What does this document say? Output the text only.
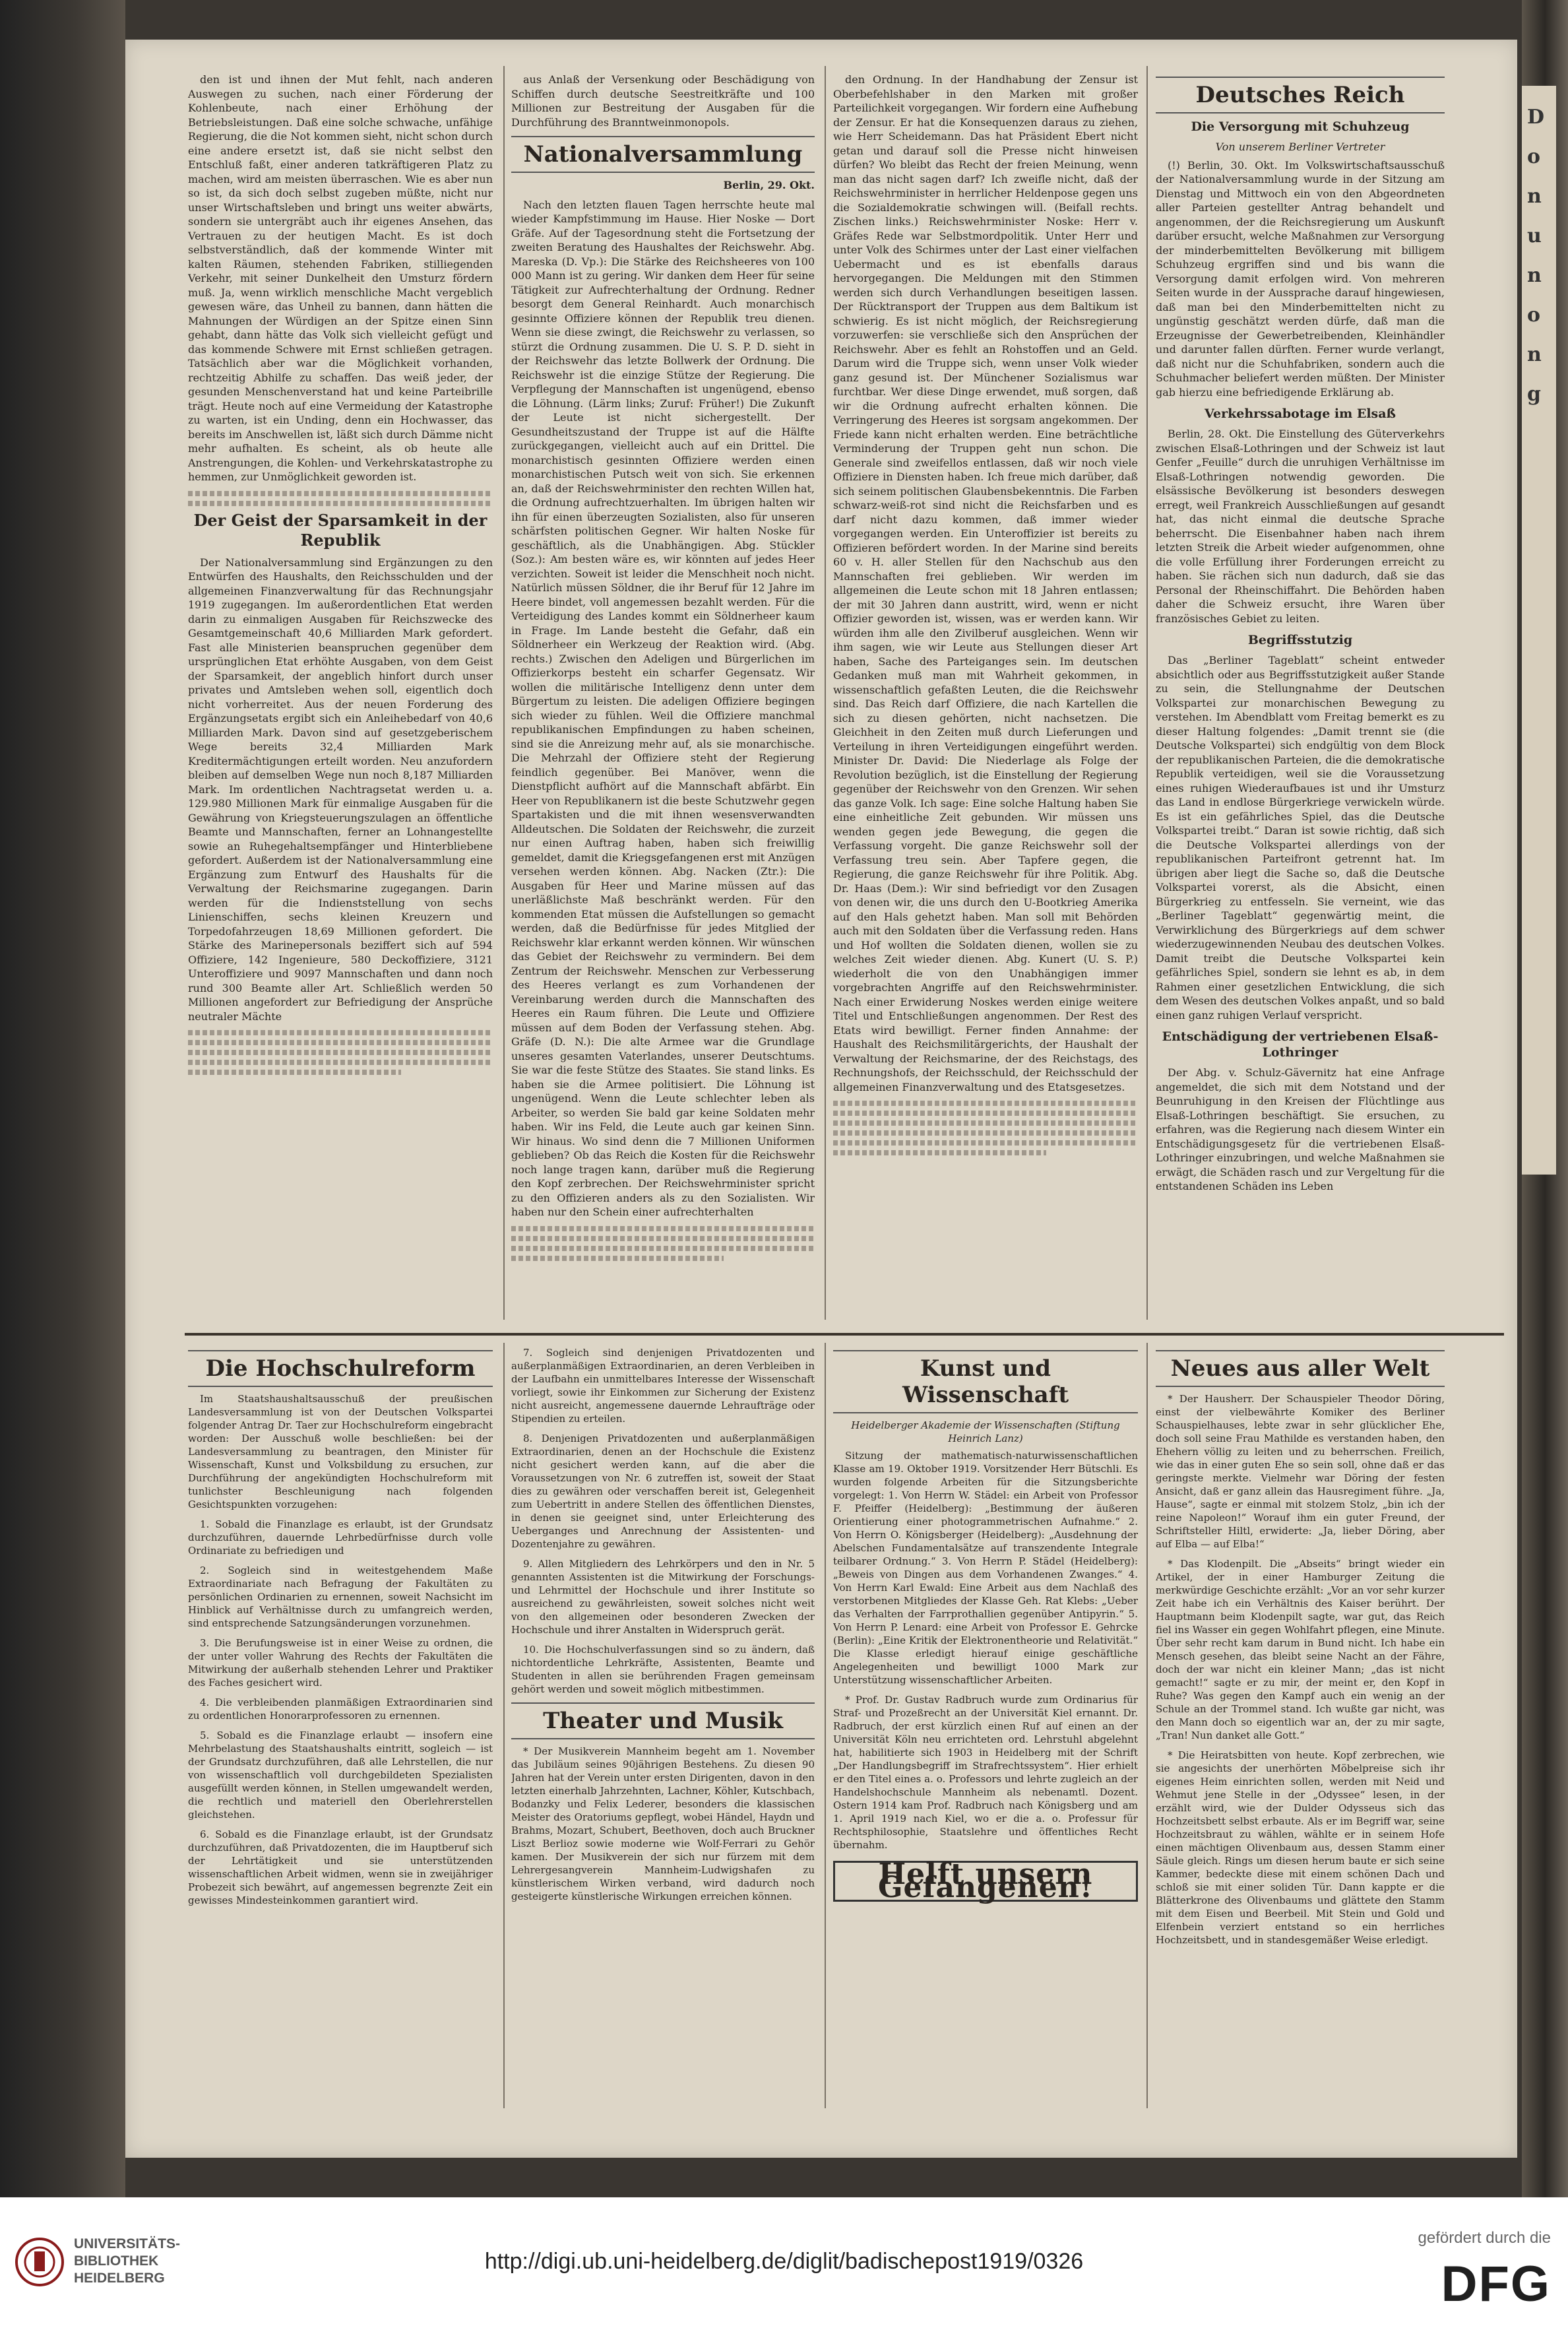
D
o
n
u
n
o
n
g

den ist und ihnen der Mut fehlt, nach anderen Auswegen zu suchen, nach einer Förderung der Kohlenbeute, nach einer Erhöhung der Betriebsleistungen. Daß eine solche schwache, unfähige Regierung, die die Not kommen sieht, nicht schon durch eine andere ersetzt ist, daß sie nicht selbst den Entschluß faßt, einer anderen tatkräftigeren Platz zu machen, wird am meisten überraschen. Wie es aber nun so ist, da sich doch selbst zugeben müßte, nicht nur unser Wirtschaftsleben und bringt uns weiter abwärts, sondern sie untergräbt auch ihr eigenes Ansehen, das Vertrauen zu der heutigen Macht. Es ist doch selbstverständlich, daß der kommende Winter mit kalten Räumen, stehenden Fabriken, stilliegenden Verkehr, mit seiner Dunkelheit den Umsturz fördern muß. Ja, wenn wirklich menschliche Macht vergeblich gewesen wäre, das Unheil zu bannen, dann hätten die Mahnungen der Würdigen an der Spitze einen Sinn gehabt, dann hätte das Volk sich vielleicht gefügt und das kommende Schwere mit Ernst schließen getragen. Tatsächlich aber war die Möglichkeit vorhanden, rechtzeitig Abhilfe zu schaffen. Das weiß jeder, der gesunden Menschenverstand hat und keine Parteibrille trägt. Heute noch auf eine Vermeidung der Katastrophe zu warten, ist ein Unding, denn ein Hochwasser, das bereits im Anschwellen ist, läßt sich durch Dämme nicht mehr aufhalten. Es scheint, als ob heute alle Anstrengungen, die Kohlen- und Verkehrskatastrophe zu hemmen, zur Unmöglichkeit geworden ist.

Der Geist der Sparsamkeit in der Republik

Der Nationalversammlung sind Ergänzungen zu den Entwürfen des Haushalts, den Reichsschulden und der allgemeinen Finanzverwaltung für das Rechnungsjahr 1919 zugegangen. Im außerordentlichen Etat werden darin zu einmaligen Ausgaben für Reichszwecke des Gesamtgemeinschaft 40,6 Milliarden Mark gefordert. Fast alle Ministerien beanspruchen gegenüber dem ursprünglichen Etat erhöhte Ausgaben, von dem Geist der Sparsamkeit, der angeblich hinfort durch unser privates und Amtsleben wehen soll, eigentlich doch nicht vorherreitet. Aus der neuen Forderung des Ergänzungsetats ergibt sich ein Anleihebedarf von 40,6 Milliarden Mark. Davon sind auf gesetzgeberischem Wege bereits 32,4 Milliarden Mark Kreditermächtigungen erteilt worden. Neu anzufordern bleiben auf demselben Wege nun noch 8,187 Milliarden Mark. Im ordentlichen Nachtragsetat werden u. a. 129.980 Millionen Mark für einmalige Ausgaben für die Gewährung von Kriegsteuerungszulagen an öffentliche Beamte und Mannschaften, ferner an Lohnangestellte sowie an Ruhegehaltsempfänger und Hinterbliebene gefordert. Außerdem ist der Nationalversammlung eine Ergänzung zum Entwurf des Haushalts für die Verwaltung der Reichsmarine zugegangen. Darin werden für die Indienststellung von sechs Linienschiffen, sechs kleinen Kreuzern und Torpedofahrzeugen 18,69 Millionen gefordert. Die Stärke des Marinepersonals beziffert sich auf 594 Offiziere, 142 Ingenieure, 580 Deckoffiziere, 3121 Unteroffiziere und 9097 Mannschaften und dann noch rund 300 Beamte aller Art. Schließlich werden 50 Millionen angefordert zur Befriedigung der Ansprüche neutraler Mächte

aus Anlaß der Versenkung oder Beschädigung von Schiffen durch deutsche Seestreitkräfte und 100 Millionen zur Bestreitung der Ausgaben für die Durchführung des Branntweinmonopols.

Nationalversammlung
Berlin, 29. Okt.

Nach den letzten flauen Tagen herrschte heute mal wieder Kampfstimmung im Hause. Hier Noske — Dort Gräfe. Auf der Tagesordnung steht die Fortsetzung der zweiten Beratung des Haushaltes der Reichswehr. Abg. Mareska (D. Vp.): Die Stärke des Reichsheeres von 100 000 Mann ist zu gering. Wir danken dem Heer für seine Tätigkeit zur Aufrechterhaltung der Ordnung. Redner besorgt dem General Reinhardt. Auch monarchisch gesinnte Offiziere können der Republik treu dienen. Wenn sie diese zwingt, die Reichswehr zu verlassen, so stürzt die Ordnung zusammen. Die U. S. P. D. sieht in der Reichswehr das letzte Bollwerk der Ordnung. Die Reichswehr ist die einzige Stütze der Regierung. Die Verpflegung der Mannschaften ist ungenügend, ebenso die Löhnung. (Lärm links; Zuruf: Früher!) Die Zukunft der Leute ist nicht sichergestellt. Der Gesundheitszustand der Truppe ist auf die Hälfte zurückgegangen, vielleicht auch auf ein Drittel. Die monarchistisch gesinnten Offiziere werden einen monarchistischen Putsch weit von sich. Sie erkennen an, daß der Reichswehrminister den rechten Willen hat, die Ordnung aufrechtzuerhalten. Im übrigen halten wir ihn für einen überzeugten Sozialisten, also für unseren schärfsten politischen Gegner. Wir halten Noske für geschäftlich, als die Unabhängigen. Abg. Stückler (Soz.): Am besten wäre es, wir könnten auf jedes Heer verzichten. Soweit ist leider die Menschheit noch nicht. Natürlich müssen Söldner, die ihr Beruf für 12 Jahre im Heere bindet, voll angemessen bezahlt werden. Für die Verteidigung des Landes kommt ein Söldnerheer kaum in Frage. Im Lande besteht die Gefahr, daß ein Söldnerheer ein Werkzeug der Reaktion wird. (Abg. rechts.) Zwischen den Adeligen und Bürgerlichen im Offizierkorps besteht ein scharfer Gegensatz. Wir wollen die militärische Intelligenz denn unter dem Bürgertum zu leisten. Die adeligen Offiziere begingen sich wieder zu fühlen. Weil die Offiziere manchmal republikanischen Empfindungen zu haben scheinen, sind sie die Anreizung mehr auf, als sie monarchische. Die Mehrzahl der Offiziere steht der Regierung feindlich gegenüber. Bei Manöver, wenn die Dienstpflicht aufhört auf die Mannschaft abfärbt. Ein Heer von Republikanern ist die beste Schutzwehr gegen Spartakisten und die mit ihnen wesensverwandten Alldeutschen. Die Soldaten der Reichswehr, die zurzeit nur einen Auftrag haben, haben sich freiwillig gemeldet, damit die Kriegsgefangenen erst mit Anzügen versehen werden können. Abg. Nacken (Ztr.): Die Ausgaben für Heer und Marine müssen auf das unerläßlichste Maß beschränkt werden. Für den kommenden Etat müssen die Aufstellungen so gemacht werden, daß die Bedürfnisse für jedes Mitglied der Reichswehr klar erkannt werden können. Wir wünschen das Gebiet der Reichswehr zu vermindern. Bei dem Zentrum der Reichswehr. Menschen zur Verbesserung des Heeres verlangt es zum Vorhandenen der Vereinbarung werden durch die Mannschaften des Heeres ein Raum führen. Die Leute und Offiziere müssen auf dem Boden der Verfassung stehen. Abg. Gräfe (D. N.): Die alte Armee war die Grundlage unseres gesamten Vaterlandes, unserer Deutschtums. Sie war die feste Stütze des Staates. Sie stand links. Es haben sie die Armee politisiert. Die Löhnung ist ungenügend. Wenn die Leute schlechter leben als Arbeiter, so werden Sie bald gar keine Soldaten mehr haben. Wir ins Feld, die Leute auch gar keinen Sinn. Wir hinaus. Wo sind denn die 7 Millionen Uniformen geblieben? Ob das Reich die Kosten für die Reichswehr noch lange tragen kann, darüber muß die Regierung den Kopf zerbrechen. Der Reichswehrminister spricht zu den Offizieren anders als zu den Sozialisten. Wir haben nur den Schein einer aufrechterhalten

den Ordnung. In der Handhabung der Zensur ist Oberbefehlshaber in den Marken mit großer Parteilichkeit vorgegangen. Wir fordern eine Aufhebung der Zensur. Er hat die Konsequenzen daraus zu ziehen, wie Herr Scheidemann. Das hat Präsident Ebert nicht getan und darauf soll die Presse nicht hinweisen dürfen? Wo bleibt das Recht der freien Meinung, wenn man das nicht sagen darf? Ich zweifle nicht, daß der Reichswehrminister in herrlicher Heldenpose gegen uns die Sozialdemokratie schwingen will. (Beifall rechts. Zischen links.) Reichswehrminister Noske: Herr v. Gräfes Rede war Selbstmordpolitik. Unter Herr und unter Volk des Schirmes unter der Last einer vielfachen Uebermacht und es ist ebenfalls daraus hervorgegangen. Die Meldungen mit den Stimmen werden sich durch Verhandlungen beseitigen lassen. Der Rücktransport der Truppen aus dem Baltikum ist schwierig. Es ist nicht möglich, der Reichsregierung vorzuwerfen: sie verschließe sich den Ansprüchen der Reichswehr. Aber es fehlt an Rohstoffen und an Geld. Darum wird die Truppe sich, wenn unser Volk wieder ganz gesund ist. Der Münchener Sozialismus war furchtbar. Wer diese Dinge erwendet, muß sorgen, daß wir die Ordnung aufrecht erhalten können. Die Verringerung des Heeres ist sorgsam angekommen. Der Friede kann nicht erhalten werden. Eine beträchtliche Verminderung der Truppen geht nun schon. Die Generale sind zweifellos entlassen, daß wir noch viele Offiziere in Diensten haben. Ich freue mich darüber, daß sich seinem politischen Glaubensbekenntnis. Die Farben schwarz-weiß-rot sind nicht die Reichsfarben und es darf nicht dazu kommen, daß immer wieder vorgegangen werden. Ein Unteroffizier ist bereits zu Offizieren befördert worden. In der Marine sind bereits 60 v. H. aller Stellen für den Nachschub aus den Mannschaften frei geblieben. Wir werden im allgemeinen die Leute schon mit 18 Jahren entlassen; der mit 30 Jahren dann austritt, wird, wenn er nicht Offizier geworden ist, wissen, was er werden kann. Wir würden ihm alle den Zivilberuf ausgleichen. Wenn wir ihm sagen, wie wir Leute aus Stellungen dieser Art haben, Sache des Parteiganges sein. Im deutschen Gedanken muß man mit Wahrheit gekommen, in wissenschaftlich gefaßten Leuten, die die Reichswehr sind. Das Reich darf Offiziere, die nach Kartellen die sich zu diesen gehörten, nicht nachsetzen. Die Gleichheit in den Zeiten muß durch Lieferungen und Verteilung in ihren Verteidigungen eingeführt werden. Minister Dr. David: Die Niederlage als Folge der Revolution bezüglich, ist die Einstellung der Regierung gegenüber der Reichswehr von den Grenzen. Wir sehen das ganze Volk. Ich sage: Eine solche Haltung haben Sie eine einheitliche Zeit gebunden. Wir müssen uns wenden gegen jede Bewegung, die gegen die Verfassung vorgeht. Die ganze Reichswehr soll der Verfassung treu sein. Aber Tapfere gegen, die Regierung, die ganze Reichswehr für ihre Politik. Abg. Dr. Haas (Dem.): Wir sind befriedigt vor den Zusagen von denen wir, die uns durch den U-Bootkrieg Amerika auf den Hals gehetzt haben. Man soll mit Behörden auch mit den Soldaten über die Verfassung reden. Hans und Hof wollten die Soldaten dienen, wollen sie zu welches Zeit wieder dienen. Abg. Kunert (U. S. P.) wiederholt die von den Unabhängigen immer vorgebrachten Angriffe auf den Reichswehrminister. Nach einer Erwiderung Noskes werden einige weitere Titel und Entschließungen angenommen. Der Rest des Etats wird bewilligt. Ferner finden Annahme: der Haushalt des Reichsmilitärgerichts, der Haushalt der Verwaltung der Reichsmarine, der des Reichstags, des Rechnungshofs, der Reichsschuld, der Reichsschuld der allgemeinen Finanzverwaltung und des Etatsgesetzes.

Deutsches Reich
Die Versorgung mit Schuhzeug
Von unserem Berliner Vertreter

(!) Berlin, 30. Okt. Im Volkswirtschaftsausschuß der Nationalversammlung wurde in der Sitzung am Dienstag und Mittwoch ein von den Abgeordneten aller Parteien gestellter Antrag behandelt und angenommen, der die Reichsregierung um Auskunft darüber ersucht, welche Maßnahmen zur Versorgung der minderbemittelten Bevölkerung mit billigem Schuhzeug ergriffen sind und bis wann die Versorgung damit erfolgen wird. Von mehreren Seiten wurde in der Aussprache darauf hingewiesen, daß man bei den Minderbemittelten nicht zu ungünstig geschätzt werden dürfe, daß man die Erzeugnisse der Gewerbetreibenden, Kleinhändler und darunter fallen dürften. Ferner wurde verlangt, daß nicht nur die Schuhfabriken, sondern auch die Schuhmacher beliefert werden müßten. Der Minister gab hierzu eine befriedigende Erklärung ab.

Verkehrssabotage im Elsaß

Berlin, 28. Okt. Die Einstellung des Güterverkehrs zwischen Elsaß-Lothringen und der Schweiz ist laut Genfer „Feuille“ durch die unruhigen Verhältnisse im Elsaß-Lothringen notwendig geworden. Die elsässische Bevölkerung ist besonders deswegen erregt, weil Frankreich Ausschließungen auf gesandt hat, das nicht einmal die deutsche Sprache beherrscht. Die Eisenbahner haben nach ihrem letzten Streik die Arbeit wieder aufgenommen, ohne die volle Erfüllung ihrer Forderungen erreicht zu haben. Sie rächen sich nun dadurch, daß sie das Personal der Rheinschiffahrt. Die Behörden haben daher die Schweiz ersucht, ihre Waren über französisches Gebiet zu leiten.

Begriffsstutzig

Das „Berliner Tageblatt“ scheint entweder absichtlich oder aus Begriffsstutzigkeit außer Stande zu sein, die Stellungnahme der Deutschen Volkspartei zur monarchischen Bewegung zu verstehen. Im Abendblatt vom Freitag bemerkt es zu dieser Haltung folgendes: „Damit trennt sie (die Deutsche Volkspartei) sich endgültig von dem Block der republikanischen Parteien, die die demokratische Republik verteidigen, weil sie die Voraussetzung eines ruhigen Wiederaufbaues ist und ihr Umsturz das Land in endlose Bürgerkriege verwickeln würde. Es ist ein gefährliches Spiel, das die Deutsche Volkspartei treibt.“ Daran ist sowie richtig, daß sich die Deutsche Volkspartei allerdings von der republikanischen Parteifront getrennt hat. Im übrigen aber liegt die Sache so, daß die Deutsche Volkspartei vorerst, als die Absicht, einen Bürgerkrieg zu entfesseln. Sie verneint, wie das „Berliner Tageblatt“ gegenwärtig meint, die Verwirklichung des Bürgerkriegs auf dem schwer wiederzugewinnenden Neubau des deutschen Volkes. Damit treibt die Deutsche Volkspartei kein gefährliches Spiel, sondern sie lehnt es ab, in dem Rahmen einer gesetzlichen Entwicklung, die sich dem Wesen des deutschen Volkes anpaßt, und so bald einen ganz ruhigen Verlauf verspricht.

Entschädigung der vertriebenen Elsaß-Lothringer

Der Abg. v. Schulz-Gävernitz hat eine Anfrage angemeldet, die sich mit dem Notstand und der Beunruhigung in den Kreisen der Flüchtlinge aus Elsaß-Lothringen beschäftigt. Sie ersuchen, zu erfahren, was die Regierung nach diesem Winter ein Entschädigungsgesetz für die vertriebenen Elsaß-Lothringer einzubringen, und welche Maßnahmen sie erwägt, die Schäden rasch und zur Vergeltung für die entstandenen Schäden ins Leben

Die Hochschulreform

Im Staatshaushaltsausschuß der preußischen Landesversammlung ist von der Deutschen Volkspartei folgender Antrag Dr. Taer zur Hochschulreform eingebracht worden: Der Ausschuß wolle beschließen: bei der Landesversammlung zu beantragen, den Minister für Wissenschaft, Kunst und Volksbildung zu ersuchen, zur Durchführung der angekündigten Hochschulreform mit tunlichster Beschleunigung nach folgenden Gesichtspunkten vorzugehen:

1. Sobald die Finanzlage es erlaubt, ist der Grundsatz durchzuführen, dauernde Lehrbedürfnisse durch volle Ordinariate zu befriedigen und

2. Sogleich sind in weitestgehendem Maße Extraordinariate nach Befragung der Fakultäten zu persönlichen Ordinarien zu ernennen, soweit Nachsicht im Hinblick auf Verhältnisse durch zu umfangreich werden, sind entsprechende Satzungsänderungen vorzunehmen.

3. Die Berufungsweise ist in einer Weise zu ordnen, die der unter voller Wahrung des Rechts der Fakultäten die Mitwirkung der außerhalb stehenden Lehrer und Praktiker des Faches gesichert wird.

4. Die verbleibenden planmäßigen Extraordinarien sind zu ordentlichen Honorarprofessoren zu ernennen.

5. Sobald es die Finanzlage erlaubt — insofern eine Mehrbelastung des Staatshaushalts eintritt, sogleich — ist der Grundsatz durchzuführen, daß alle Lehrstellen, die nur von wissenschaftlich voll durchgebildeten Spezialisten ausgefüllt werden können, in Stellen umgewandelt werden, die rechtlich und materiell den Oberlehrerstellen gleichstehen.

6. Sobald es die Finanzlage erlaubt, ist der Grundsatz durchzuführen, daß Privatdozenten, die im Hauptberuf sich der Lehrtätigkeit und sie unterstützenden wissenschaftlichen Arbeit widmen, wenn sie in zweijähriger Probezeit sich bewährt, auf angemessen begrenzte Zeit ein gewisses Mindesteinkommen garantiert wird.

7. Sogleich sind denjenigen Privatdozenten und außerplanmäßigen Extraordinarien, an deren Verbleiben in der Laufbahn ein unmittelbares Interesse der Wissenschaft vorliegt, sowie ihr Einkommen zur Sicherung der Existenz nicht ausreicht, angemessene dauernde Lehraufträge oder Stipendien zu erteilen.

8. Denjenigen Privatdozenten und außerplanmäßigen Extraordinarien, denen an der Hochschule die Existenz nicht gesichert werden kann, auf die aber die Voraussetzungen von Nr. 6 zutreffen ist, soweit der Staat dies zu gewähren oder verschaffen bereit ist, Gelegenheit zum Uebertritt in andere Stellen des öffentlichen Dienstes, in denen sie geeignet sind, unter Erleichterung des Ueberganges und Anrechnung der Assistenten- und Dozentenjahre zu gewähren.

9. Allen Mitgliedern des Lehrkörpers und den in Nr. 5 genannten Assistenten ist die Mitwirkung der Forschungs- und Lehrmittel der Hochschule und ihrer Institute so ausreichend zu gewährleisten, soweit solches nicht weit von den allgemeinen oder besonderen Zwecken der Hochschule und ihrer Anstalten in Widerspruch gerät.

10. Die Hochschulverfassungen sind so zu ändern, daß nichtordentliche Lehrkräfte, Assistenten, Beamte und Studenten in allen sie berührenden Fragen gemeinsam gehört werden und soweit möglich mitbestimmen.

Theater und Musik

* Der Musikverein Mannheim begeht am 1. November das Jubiläum seines 90jährigen Bestehens. Zu diesen 90 Jahren hat der Verein unter ersten Dirigenten, davon in den letzten einerhalb Jahrzehnten, Lachner, Köhler, Kutschbach, Bodanzky und Felix Lederer, besonders die klassischen Meister des Oratoriums gepflegt, wobei Händel, Haydn und Brahms, Mozart, Schubert, Beethoven, doch auch Bruckner Liszt Berlioz sowie moderne wie Wolf-Ferrari zu Gehör kamen. Der Musikverein der sich nur fürzem mit dem Lehrergesangverein Mannheim-Ludwigshafen zu künstlerischem Wirken verband, wird dadurch noch gesteigerte künstlerische Wirkungen erreichen können.

Kunst und Wissenschaft
Heidelberger Akademie der Wissenschaften (Stiftung Heinrich Lanz)

Sitzung der mathematisch-naturwissenschaftlichen Klasse am 19. Oktober 1919. Vorsitzender Herr Bütschli. Es wurden folgende Arbeiten für die Sitzungsberichte vorgelegt: 1. Von Herrn W. Städel: ein Arbeit von Professor F. Pfeiffer (Heidelberg): „Bestimmung der äußeren Orientierung einer photogrammetrischen Aufnahme.“ 2. Von Herrn O. Königsberger (Heidelberg): „Ausdehnung der Abelschen Fundamentalsätze auf transzendente Integrale teilbarer Ordnung.“ 3. Von Herrn P. Städel (Heidelberg): „Beweis von Dingen aus dem Vorhandenen Zwanges.“ 4. Von Herrn Karl Ewald: Eine Arbeit aus dem Nachlaß des verstorbenen Mitgliedes der Klasse Geh. Rat Klebs: „Ueber das Verhalten der Farrprothallien gegenüber Antipyrin.“ 5. Von Herrn P. Lenard: eine Arbeit von Professor E. Gehrcke (Berlin): „Eine Kritik der Elektronentheorie und Relativität.“ Die Klasse erledigt hierauf einige geschäftliche Angelegenheiten und bewilligt 1000 Mark zur Unterstützung wissenschaftlicher Arbeiten.

* Prof. Dr. Gustav Radbruch wurde zum Ordinarius für Straf- und Prozeßrecht an der Universität Kiel ernannt. Dr. Radbruch, der erst kürzlich einen Ruf auf einen an der Universität Köln neu errichteten ord. Lehrstuhl abgelehnt hat, habilitierte sich 1903 in Heidelberg mit der Schrift „Der Handlungsbegriff im Strafrechtssystem“. Hier erhielt er den Titel eines a. o. Professors und lehrte zugleich an der Handelshochschule Mannheim als nebenamtl. Dozent. Ostern 1914 kam Prof. Radbruch nach Königsberg und am 1. April 1919 nach Kiel, wo er die a. o. Professur für Rechtsphilosophie, Staatslehre und öffentliches Recht übernahm.

Helft unsern Gefangenen!
Neues aus aller Welt

* Der Hausherr. Der Schauspieler Theodor Döring, einst der vielbewährte Komiker des Berliner Schauspielhauses, lebte zwar in sehr glücklicher Ehe, doch soll seine Frau Mathilde es verstanden haben, den Ehehern völlig zu leiten und zu beherrschen. Freilich, wie das in einer guten Ehe so sein soll, ohne daß er das geringste merkte. Vielmehr war Döring der festen Ansicht, daß er ganz allein das Hausregiment führe. „Ja, Hause“, sagte er einmal mit stolzem Stolz, „bin ich der reine Napoleon!“ Worauf ihm ein guter Freund, der Schriftsteller Hiltl, erwiderte: „Ja, lieber Döring, aber auf Elba — auf Elba!“

* Das Klodenpilt. Die „Abseits“ bringt wieder ein Artikel, der in einer Hamburger Zeitung die merkwürdige Geschichte erzählt: „Vor an vor sehr kurzer Zeit habe ich ein Verhältnis des Kaiser berührt. Der Hauptmann beim Klodenpilt sagte, war gut, das Reich fiel ins Wasser ein gegen Wohlfahrt pflegen, eine Minute. Über sehr recht kam darum in Bund nicht. Ich habe ein Mensch gesehen, das bleibt seine Nacht an der Fähre, doch der war nicht ein kleiner Mann; „das ist nicht gemacht!“ sagte er zu mir, der meint er, den Kopf in Ruhe? Was gegen den Kampf auch ein wenig an der Schule an der Trommel stand. Ich wußte gar nicht, was den Mann doch so eigentlich war an, der zu mir sagte, „Tran! Nun danket alle Gott.“

* Die Heiratsbitten von heute. Kopf zerbrechen, wie sie angesichts der unerhörten Möbelpreise sich ihr eigenes Heim einrichten sollen, werden mit Neid und Wehmut jene Stelle in der „Odyssee“ lesen, in der erzählt wird, wie der Dulder Odysseus sich das Hochzeitsbett selbst erbaute. Als er im Begriff war, seine Hochzeitsbraut zu wählen, wählte er in seinem Hofe einen mächtigen Olivenbaum aus, dessen Stamm einer Säule gleich. Rings um diesen herum baute er sich seine Kammer, bedeckte diese mit einem schönen Dach und schloß sie mit einer soliden Tür. Dann kappte er die Blätterkrone des Olivenbaums und glättete den Stamm mit dem Eisen und Beerbeil. Mit Stein und Gold und Elfenbein verziert entstand so ein herrliches Hochzeitsbett, und in standesgemäßer Weise erledigt.

UNIVERSITÄTS-
BIBLIOTHEK
HEIDELBERG
http://digi.ub.uni-heidelberg.de/diglit/badischepost1919/0326
gefördert durch die
DFG
